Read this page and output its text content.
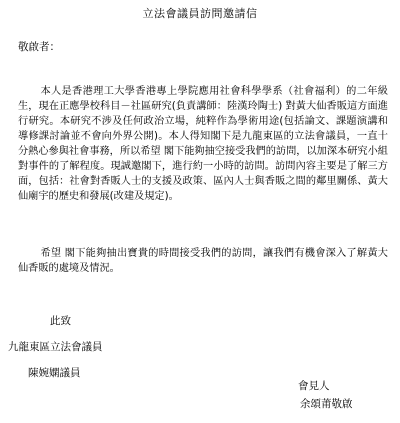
立法會議員訪問邀請信
敬啟者：

本人是香港理工大學香港專上學院應用社會科學學系（社會福利）的二年級生，現在正應學校科目－社區研究(負責講師：陸漢玲陶士) 對黃大仙香販這方面進行研究。本研究不涉及任何政治立場，純粹作為學術用途(包括論文、課題演講和導修課討論並不會向外界公開)。本人得知閣下是九龍東區的立法會議員，一直十分熱心參與社會事務，所以希望 閣下能夠抽空接受我們的訪問，以加深本研究小組對事件的了解程度。現誠邀閣下，進行約一小時的訪問。訪問內容主要是了解三方面，包括：社會對香販人士的支援及政策、區內人士與香販之間的鄰里關係、黃大仙廟宇的歷史和發展(改建及規定)。

希望 閣下能夠抽出寶貴的時間接受我們的訪問，讓我們有機會深入了解黃大仙香販的處境及情況。

此致
九龍東區立法會議員
陳婉嫻議員
會見人
余頌莆敬啟
